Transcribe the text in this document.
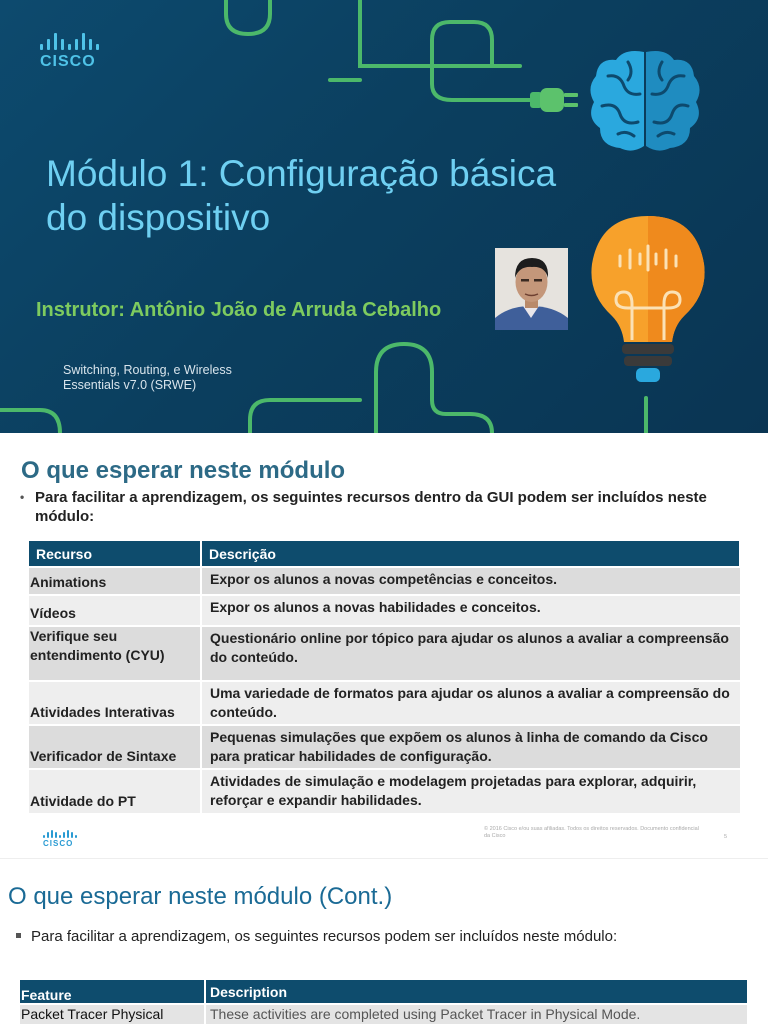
CISCO
Módulo 1: Configuração básica
do dispositivo
Instrutor: Antônio João de Arruda Cebalho
Switching, Routing, e Wireless
Essentials v7.0 (SRWE)
O que esperar neste módulo
• Para facilitar a aprendizagem, os seguintes recursos dentro da GUI podem ser incluídos neste módulo:
Recurso	Descrição
Animations	Expor os alunos a novas competências e conceitos.
Vídeos	Expor os alunos a novas habilidades e conceitos.
Verifique seu entendimento (CYU)	Questionário online por tópico para ajudar os alunos a avaliar a compreensão do conteúdo.
Atividades Interativas	Uma variedade de formatos para ajudar os alunos a avaliar a compreensão do conteúdo.
Verificador de Sintaxe	Pequenas simulações que expõem os alunos à linha de comando da Cisco para praticar habilidades de configuração.
Atividade do PT	Atividades de simulação e modelagem projetadas para explorar, adquirir, reforçar e expandir habilidades.
CISCO
© 2016 Cisco e/ou suas afiliadas. Todos os direitos reservados. Documento confidencial da Cisco	5
O que esperar neste módulo (Cont.)
Para facilitar a aprendizagem, os seguintes recursos podem ser incluídos neste módulo:
Feature	Description
Packet Tracer Physical	These activities are completed using Packet Tracer in Physical Mode.
